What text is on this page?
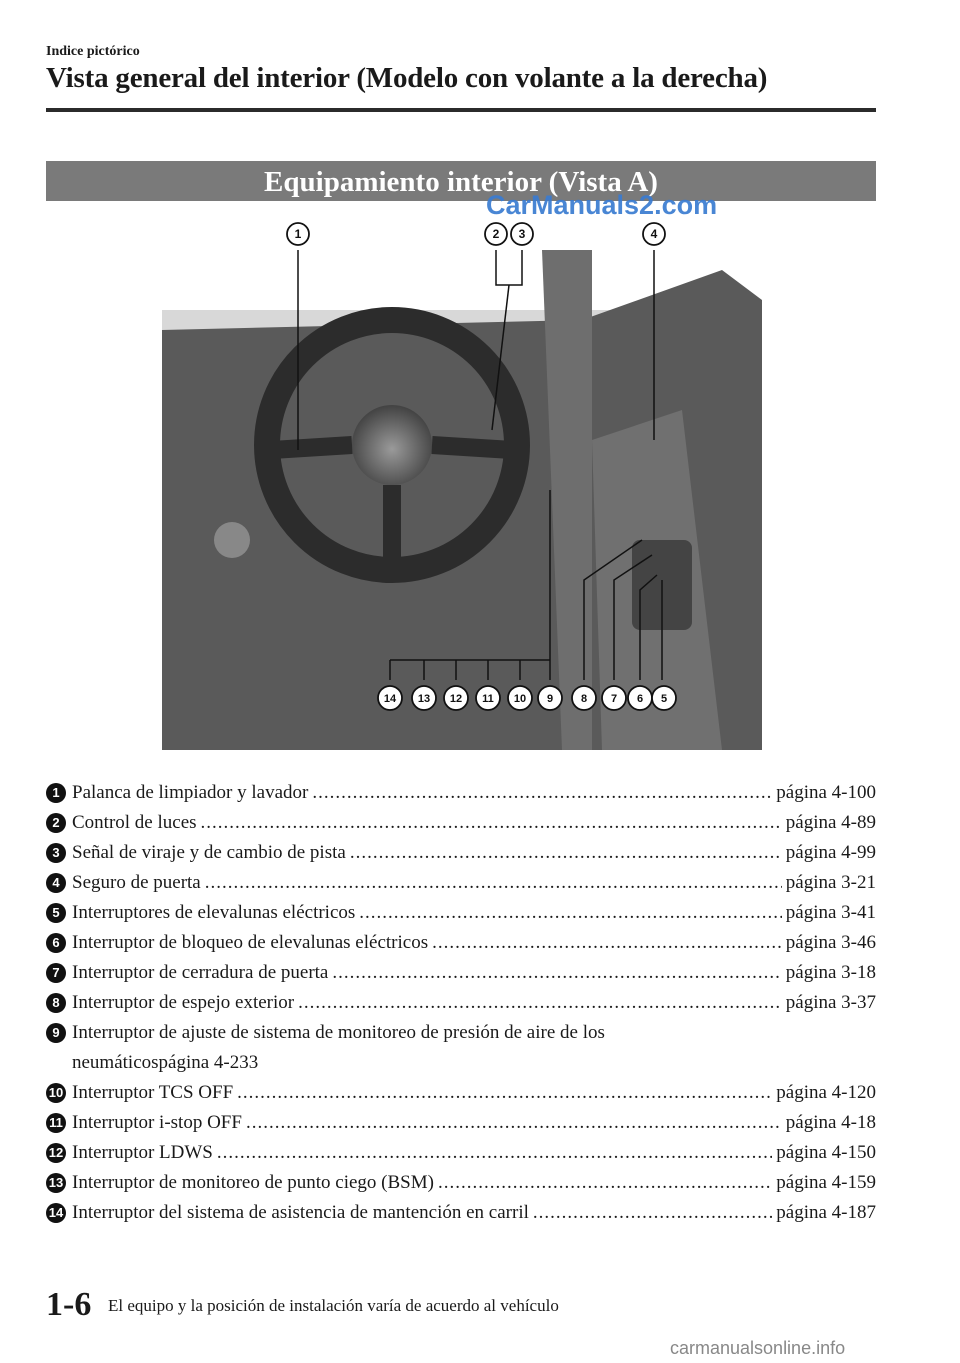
Indice pictórico
Vista general del interior (Modelo con volante a la derecha)
Equipamiento interior (Vista A)
1	2 3	4
14 13 12 11 10 9	8 7 6 5
CarManuals2.com
1 Palanca de limpiador y lavador .....	página 4-100
2 Control de luces .....	página 4-89
3 Señal de viraje y de cambio de pista .....	página 4-99
4 Seguro de puerta .....	página 3-21
5 Interruptores de elevalunas eléctricos .....	página 3-41
6 Interruptor de bloqueo de elevalunas eléctricos .....	página 3-46
7 Interruptor de cerradura de puerta .....	página 3-18
8 Interruptor de espejo exterior .....	página 3-37
9 Interruptor de ajuste de sistema de monitoreo de presión de aire de los
neumáticos página 4-233
10 Interruptor TCS OFF .....	página 4-120
11 Interruptor i-stop OFF .....	página 4-18
12 Interruptor LDWS .....	página 4-150
13 Interruptor de monitoreo de punto ciego (BSM) .....	página 4-159
14 Interruptor del sistema de asistencia de mantención en carril .....	página 4-187
1-6 El equipo y la posición de instalación varía de acuerdo al vehículo
carmanualsonline.info
